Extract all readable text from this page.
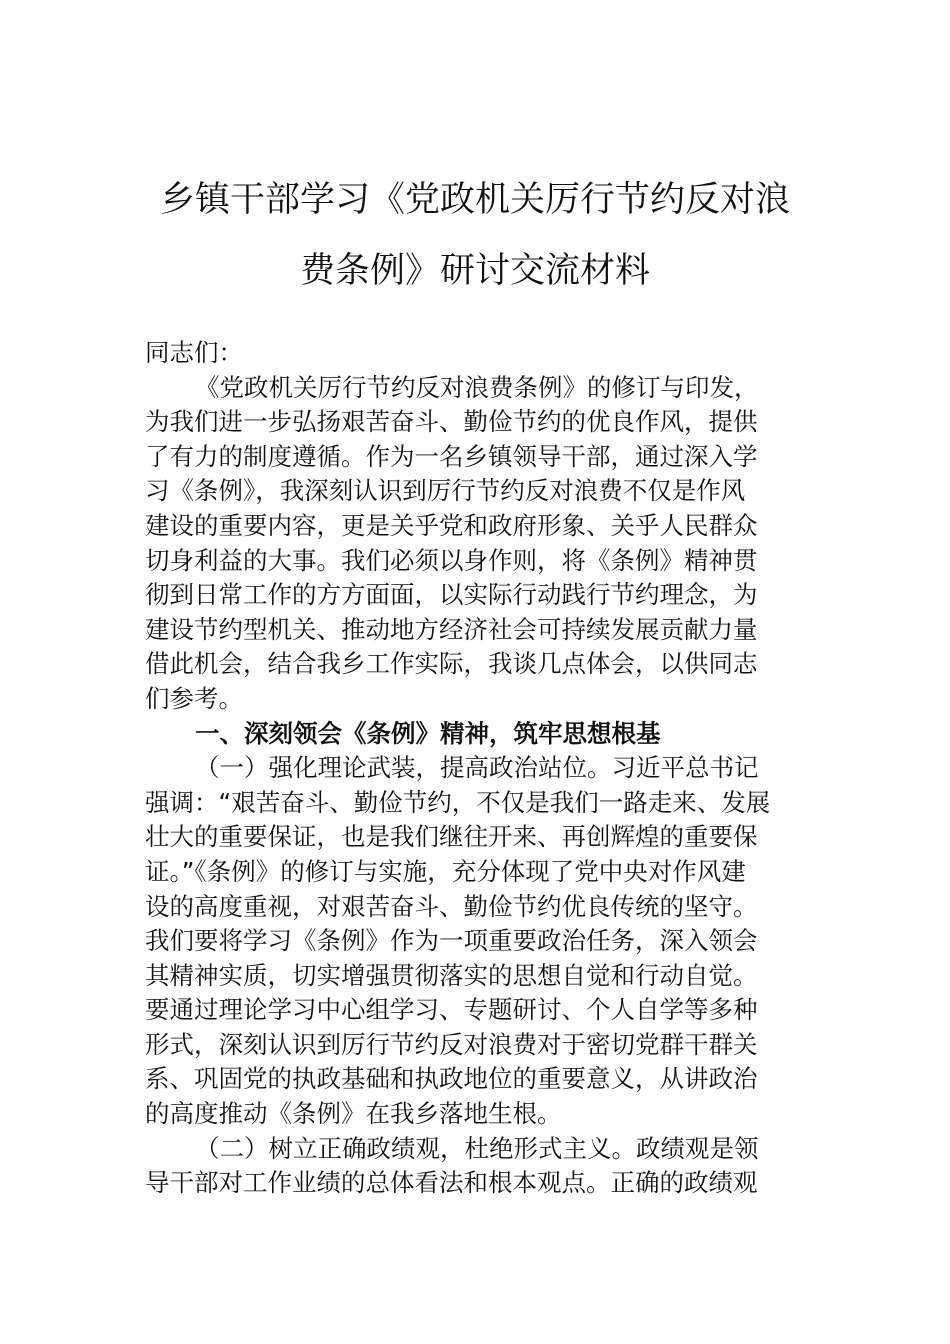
乡镇干部学习《党政机关厉行节约反对浪
费条例》研讨交流材料
同志们：
《党政机关厉行节约反对浪费条例》的修订与印发，
为我们进一步弘扬艰苦奋斗、勤俭节约的优良作风，提供
了有力的制度遵循。作为一名乡镇领导干部，通过深入学
习《条例》，我深刻认识到厉行节约反对浪费不仅是作风
建设的重要内容，更是关乎党和政府形象、关乎人民群众
切身利益的大事。我们必须以身作则，将《条例》精神贯
彻到日常工作的方方面面，以实际行动践行节约理念，为
建设节约型机关、推动地方经济社会可持续发展贡献力量
借此机会，结合我乡工作实际，我谈几点体会，以供同志
们参考。
一、深刻领会《条例》精神，筑牢思想根基
（一）强化理论武装，提高政治站位。习近平总书记
强调：“艰苦奋斗、勤俭节约，不仅是我们一路走来、发展
壮大的重要保证，也是我们继往开来、再创辉煌的重要保
证。”《条例》的修订与实施，充分体现了党中央对作风建
设的高度重视，对艰苦奋斗、勤俭节约优良传统的坚守。
我们要将学习《条例》作为一项重要政治任务，深入领会
其精神实质，切实增强贯彻落实的思想自觉和行动自觉。
要通过理论学习中心组学习、专题研讨、个人自学等多种
形式，深刻认识到厉行节约反对浪费对于密切党群干群关
系、巩固党的执政基础和执政地位的重要意义，从讲政治
的高度推动《条例》在我乡落地生根。
（二）树立正确政绩观，杜绝形式主义。政绩观是领
导干部对工作业绩的总体看法和根本观点。正确的政绩观
